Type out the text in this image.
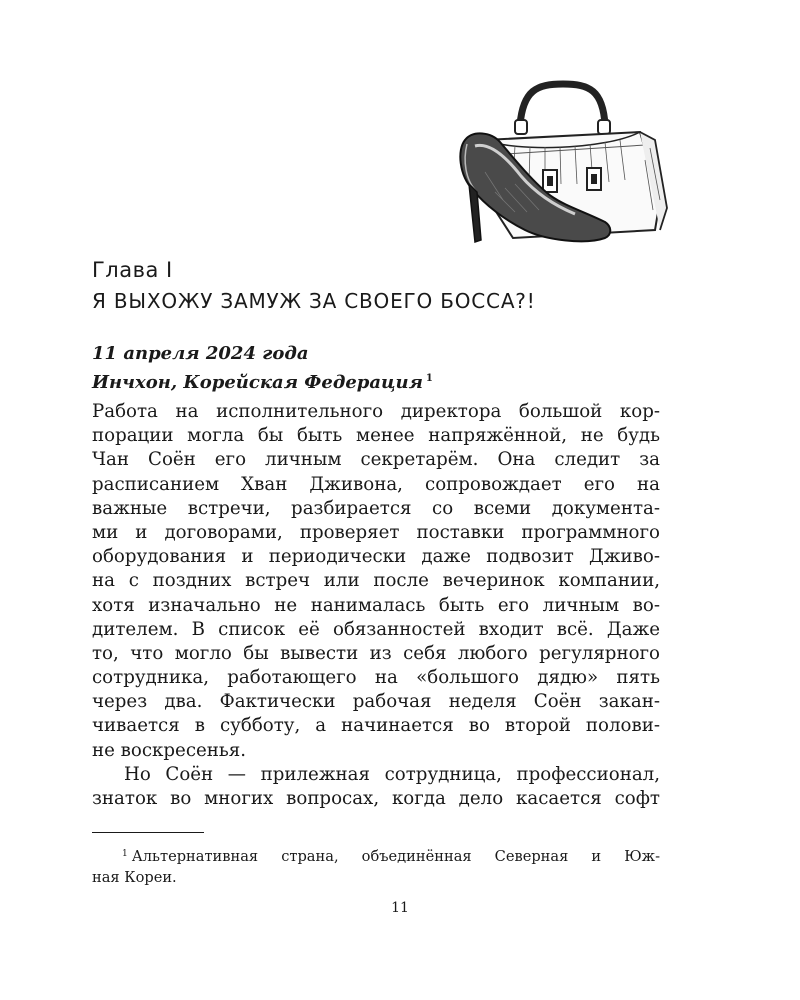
Глава I
Я ВЫХОЖУ ЗАМУЖ ЗА СВОЕГО БОССА?!
11 апреля 2024 года
Инчхон, Корейская Федерация $^1$
Работа на исполнительного директора большой кор-
порации могла бы быть менее напряжённой, не будь
Чан Соён его личным секретарём. Она следит за
расписанием Хван Дживона, сопровождает его на
важные встречи, разбирается со всеми документа-
ми и договорами, проверяет поставки программного
оборудования и периодически даже подвозит Дживо-
на с поздних встреч или после вечеринок компании,
хотя изначально не нанималась быть его личным во-
дителем. В список её обязанностей входит всё. Даже
то, что могло бы вывести из себя любого регулярного
сотрудника, работающего на «большого дядю» пять
через два. Фактически рабочая неделя Соён закан-
чивается в субботу, а начинается во второй полови-
не воскресенья.
Но Соён — прилежная сотрудница, профессионал,
знаток во многих вопросах, когда дело касается софт
$^1$ Альтернативная страна, объединённая Северная и Юж-
ная Кореи.
11
